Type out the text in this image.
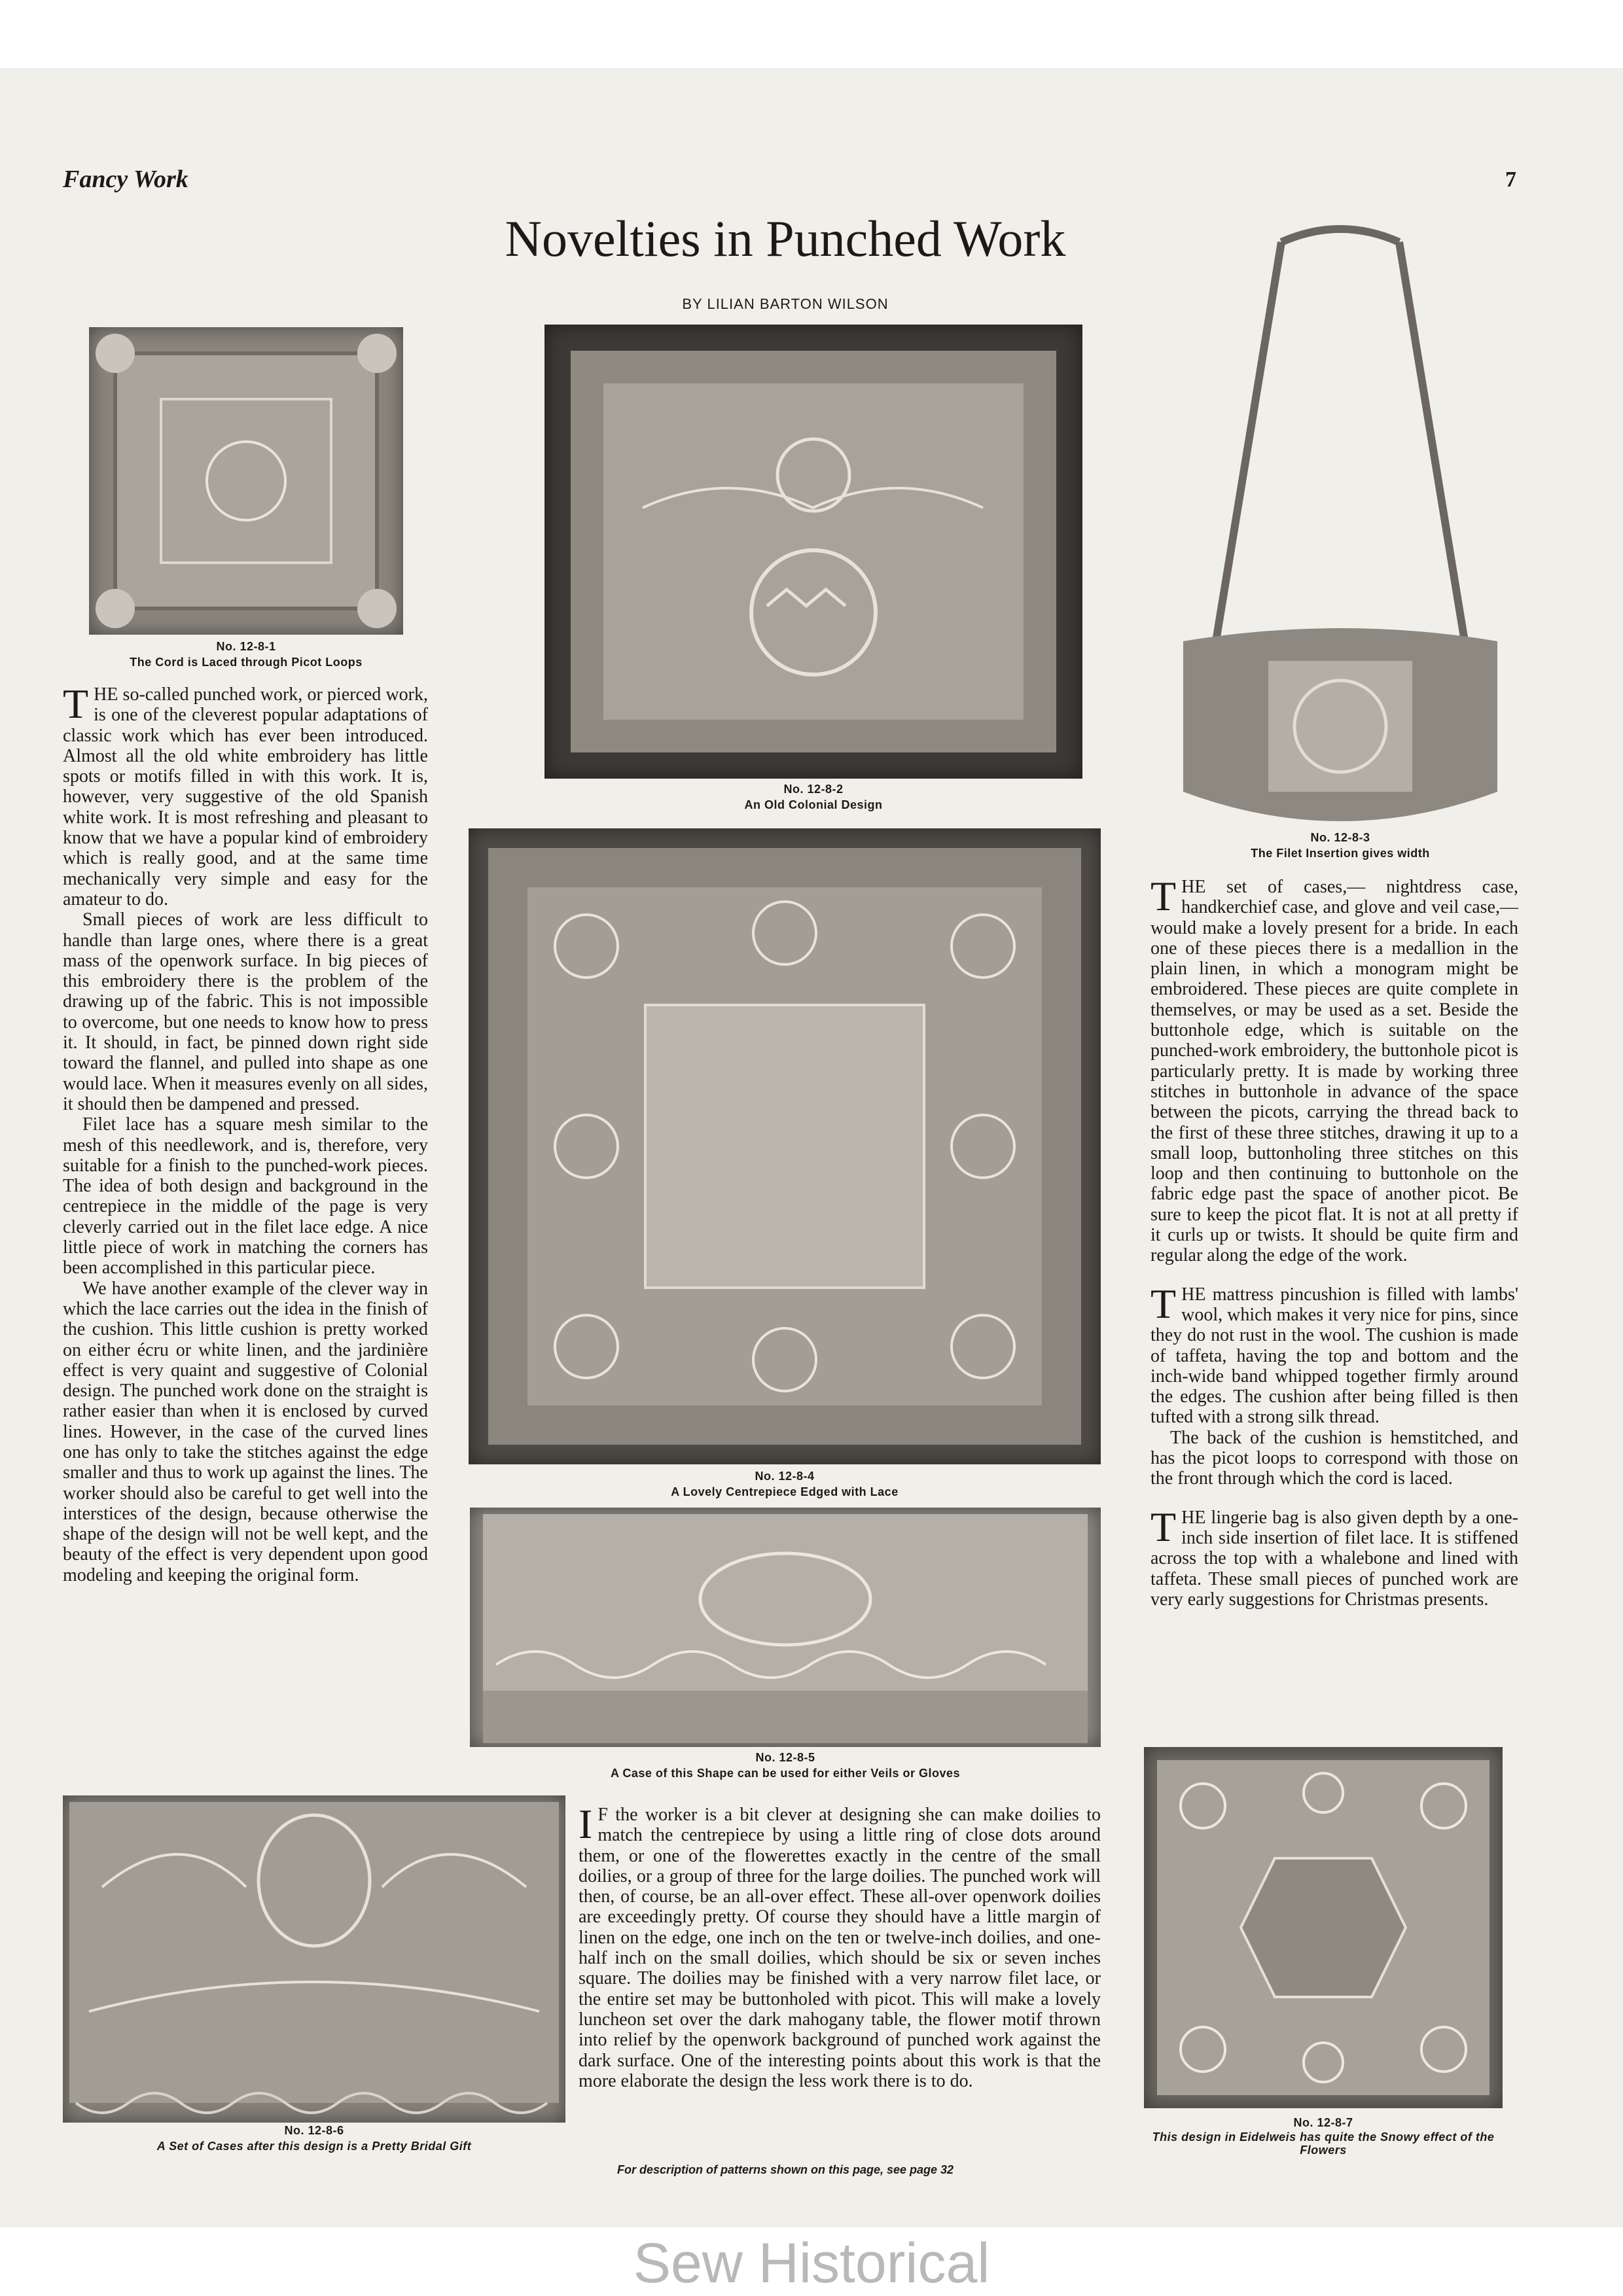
Fancy Work	7
Novelties in Punched Work
BY LILIAN BARTON WILSON
No. 12-8-1
The Cord is Laced through Picot Loops
No. 12-8-2
An Old Colonial Design
No. 12-8-3
The Filet Insertion gives width
No. 12-8-4
A Lovely Centrepiece Edged with Lace
No. 12-8-5
A Case of this Shape can be used for either Veils or Gloves
No. 12-8-6
A Set of Cases after this design is a Pretty Bridal Gift
No. 12-8-7
This design in Eidelweis has quite the Snowy effect of the Flowers

THE so-called punched work, or pierced work, is one of the cleverest popular adaptations of classic work which has ever been introduced. Almost all the old white embroidery has little spots or motifs filled in with this work. It is, however, very suggestive of the old Spanish white work. It is most refreshing and pleasant to know that we have a popular kind of embroidery which is really good, and at the same time mechanically very simple and easy for the amateur to do.

Small pieces of work are less difficult to handle than large ones, where there is a great mass of the openwork surface. In big pieces of this embroidery there is the problem of the drawing up of the fabric. This is not impossible to overcome, but one needs to know how to press it. It should, in fact, be pinned down right side toward the flannel, and pulled into shape as one would lace. When it measures evenly on all sides, it should then be dampened and pressed.

Filet lace has a square mesh similar to the mesh of this needlework, and is, therefore, very suitable for a finish to the punched-work pieces. The idea of both design and background in the centrepiece in the middle of the page is very cleverly carried out in the filet lace edge. A nice little piece of work in matching the corners has been accomplished in this particular piece.

We have another example of the clever way in which the lace carries out the idea in the finish of the cushion. This little cushion is pretty worked on either écru or white linen, and the jardinière effect is very quaint and suggestive of Colonial design. The punched work done on the straight is rather easier than when it is enclosed by curved lines. However, in the case of the curved lines one has only to take the stitches against the edge smaller and thus to work up against the lines. The worker should also be careful to get well into the interstices of the design, because otherwise the shape of the design will not be well kept, and the beauty of the effect is very dependent upon good modeling and keeping the original form.

THE set of cases,— nightdress case, handkerchief case, and glove and veil case,— would make a lovely present for a bride. In each one of these pieces there is a medallion in the plain linen, in which a monogram might be embroidered. These pieces are quite complete in themselves, or may be used as a set. Beside the buttonhole edge, which is suitable on the punched-work embroidery, the buttonhole picot is particularly pretty. It is made by working three stitches in buttonhole in advance of the space between the picots, carrying the thread back to the first of these three stitches, drawing it up to a small loop, buttonholing three stitches on this loop and then continuing to buttonhole on the fabric edge past the space of another picot. Be sure to keep the picot flat. It is not at all pretty if it curls up or twists. It should be quite firm and regular along the edge of the work.

THE mattress pincushion is filled with lambs' wool, which makes it very nice for pins, since they do not rust in the wool. The cushion is made of taffeta, having the top and bottom and the inch-wide band whipped together firmly around the edges. The cushion after being filled is then tufted with a strong silk thread.

The back of the cushion is hemstitched, and has the picot loops to correspond with those on the front through which the cord is laced.

THE lingerie bag is also given depth by a one-inch side insertion of filet lace. It is stiffened across the top with a whalebone and lined with taffeta. These small pieces of punched work are very early suggestions for Christmas presents.

I F the worker is a bit clever at designing she can make doilies to match the centrepiece by using a little ring of close dots around them, or one of the flowerettes exactly in the centre of the small doilies, or a group of three for the large doilies. The punched work will then, of course, be an all-over effect. These all-over openwork doilies are exceedingly pretty. Of course they should have a little margin of linen on the edge, one inch on the ten or twelve-inch doilies, and one-half inch on the small doilies, which should be six or seven inches square. The doilies may be finished with a very narrow filet lace, or the entire set may be buttonholed with picot. This will make a lovely luncheon set over the dark mahogany table, the flower motif thrown into relief by the openwork background of punched work against the dark surface. One of the interesting points about this work is that the more elaborate the design the less work there is to do.

For description of patterns shown on this page, see page 32
Sew Historical
